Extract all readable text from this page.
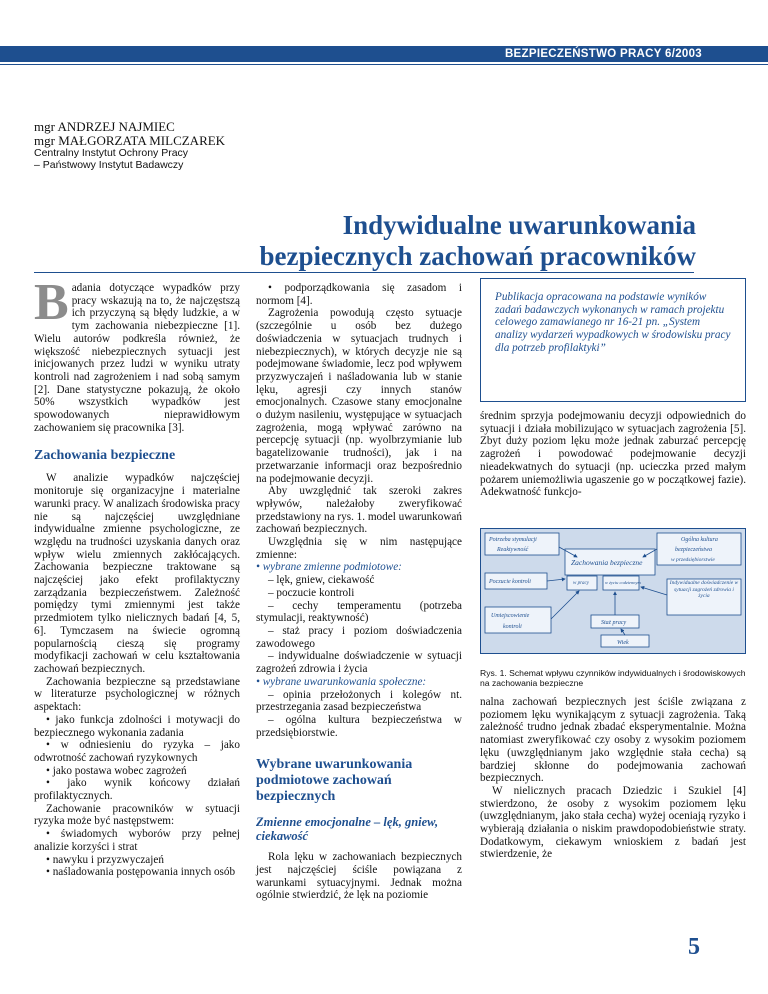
BEZPIECZEŃSTWO PRACY 6/2003
mgr ANDRZEJ NAJMIEC
mgr MAŁGORZATA MILCZAREK
Centralny Instytut Ochrony Pracy
– Państwowy Instytut Badawczy
Indywidualne uwarunkowania
bezpiecznych zachowań pracowników

Badania dotyczące wypadków przy pracy wskazują na to, że najczęstszą ich przyczyną są błędy ludzkie, a w tym zachowania niebezpieczne [1]. Wielu autorów podkreśla również, że większość niebezpiecznych sytuacji jest inicjowanych przez ludzi w wyniku utraty kontroli nad zagrożeniem i nad sobą samym [2]. Dane statystyczne pokazują, że około 50% wszystkich wypadków jest spowodowanych nieprawidłowym zachowaniem się pracownika [3].

Zachowania bezpieczne

W analizie wypadków najczęściej monitoruje się organizacyjne i materialne warunki pracy. W analizach środowiska pracy nie są najczęściej uwzględniane indywidualne zmienne psychologiczne, ze względu na trudności uzyskania danych oraz wpływ wielu zmiennych zakłócających. Zachowania bezpieczne traktowane są najczęściej jako efekt profilaktyczny zarządzania bezpieczeństwem. Zależność pomiędzy tymi zmiennymi jest także przedmiotem tylko nielicznych badań [4, 5, 6]. Tymczasem na świecie ogromną popularnością cieszą się programy modyfikacji zachowań w celu kształtowania zachowań bezpiecznych.

Zachowania bezpieczne są przedstawiane w literaturze psychologicznej w różnych aspektach:

• jako funkcja zdolności i motywacji do bezpiecznego wykonania zadania

• w odniesieniu do ryzyka – jako odwrotność zachowań ryzykownych

• jako postawa wobec zagrożeń

• jako wynik końcowy działań profilaktycznych.

Zachowanie pracowników w sytuacji ryzyka może być następstwem:

• świadomych wyborów przy pełnej analizie korzyści i strat

• nawyku i przyzwyczajeń

• naśladowania postępowania innych osób

• podporządkowania się zasadom i normom [4].

Zagrożenia powodują często sytuacje (szczególnie u osób bez dużego doświadczenia w sytuacjach trudnych i niebezpiecznych), w których decyzje nie są podejmowane świadomie, lecz pod wpływem przyzwyczajeń i naśladowania lub w stanie lęku, agresji czy innych stanów emocjonalnych. Czasowe stany emocjonalne o dużym nasileniu, występujące w sytuacjach zagrożenia, mogą wpływać zarówno na percepcję sytuacji (np. wyolbrzymianie lub bagatelizowanie trudności), jak i na przetwarzanie informacji oraz bezpośrednio na podejmowanie decyzji.

Aby uwzględnić tak szeroki zakres wpływów, należałoby zweryfikować przedstawiony na rys. 1. model uwarunkowań zachowań bezpiecznych.

Uwzględnia się w nim następujące zmienne:

• wybrane zmienne podmiotowe:

– lęk, gniew, ciekawość

– poczucie kontroli

– cechy temperamentu (potrzeba stymulacji, reaktywność)

– staż pracy i poziom doświadczenia zawodowego

– indywidualne doświadczenie w sytuacji zagrożeń zdrowia i życia

• wybrane uwarunkowania społeczne:

– opinia przełożonych i kolegów nt. przestrzegania zasad bezpieczeństwa

– ogólna kultura bezpieczeństwa w przedsiębiorstwie.

Wybrane uwarunkowania podmiotowe zachowań bezpiecznych
Zmienne emocjonalne – lęk, gniew, ciekawość

Rola lęku w zachowaniach bezpiecznych jest najczęściej ściśle powiązana z warunkami sytuacyjnymi. Jednak można ogólnie stwierdzić, że lęk na poziomie

Publikacja opracowana na podstawie wyników zadań badawczych wykonanych w ramach projektu celowego zamawianego nr 16-21 pn. „System analizy wydarzeń wypadkowych w środowisku pracy dla potrzeb profilaktyki”

średnim sprzyja podejmowaniu decyzji odpowiednich do sytuacji i działa mobilizująco w sytuacjach zagrożenia [5]. Zbyt duży poziom lęku może jednak zaburzać percepcję zagrożeń i powodować podejmowanie decyzji nieadekwatnych do sytuacji (np. ucieczka przed małym pożarem uniemożliwia ugaszenie go w początkowej fazie). Adekwatność funkcjo-

Potrzeba stymulacji
Reaktywność
Ogólna kultura
bezpieczeństwa
w przedsiębiorstwie
Zachowania bezpieczne
w pracy	w życiu codziennym
Poczucie kontroli	Indywidualne doświadczenie w sytuacji zagrożeń zdrowia i życia
Umiejscowienie
kontroli
Staż pracy
Wiek
Rys. 1. Schemat wpływu czynników indywidualnych i środowiskowych na zachowania bezpieczne

nalna zachowań bezpiecznych jest ściśle związana z poziomem lęku wynikającym z sytuacji zagrożenia. Taką zależność trudno jednak zbadać eksperymentalnie. Można natomiast zweryfikować czy osoby z wysokim poziomem lęku (uwzględnianym jako względnie stała cecha) są bardziej skłonne do podejmowania zachowań bezpiecznych.

W nielicznych pracach Dziedzic i Szukiel [4] stwierdzono, że osoby z wysokim poziomem lęku (uwzględnianym, jako stała cecha) wyżej oceniają ryzyko i wybierają działania o niskim prawdopodobieństwie straty. Dodatkowym, ciekawym wnioskiem z badań jest stwierdzenie, że

5
